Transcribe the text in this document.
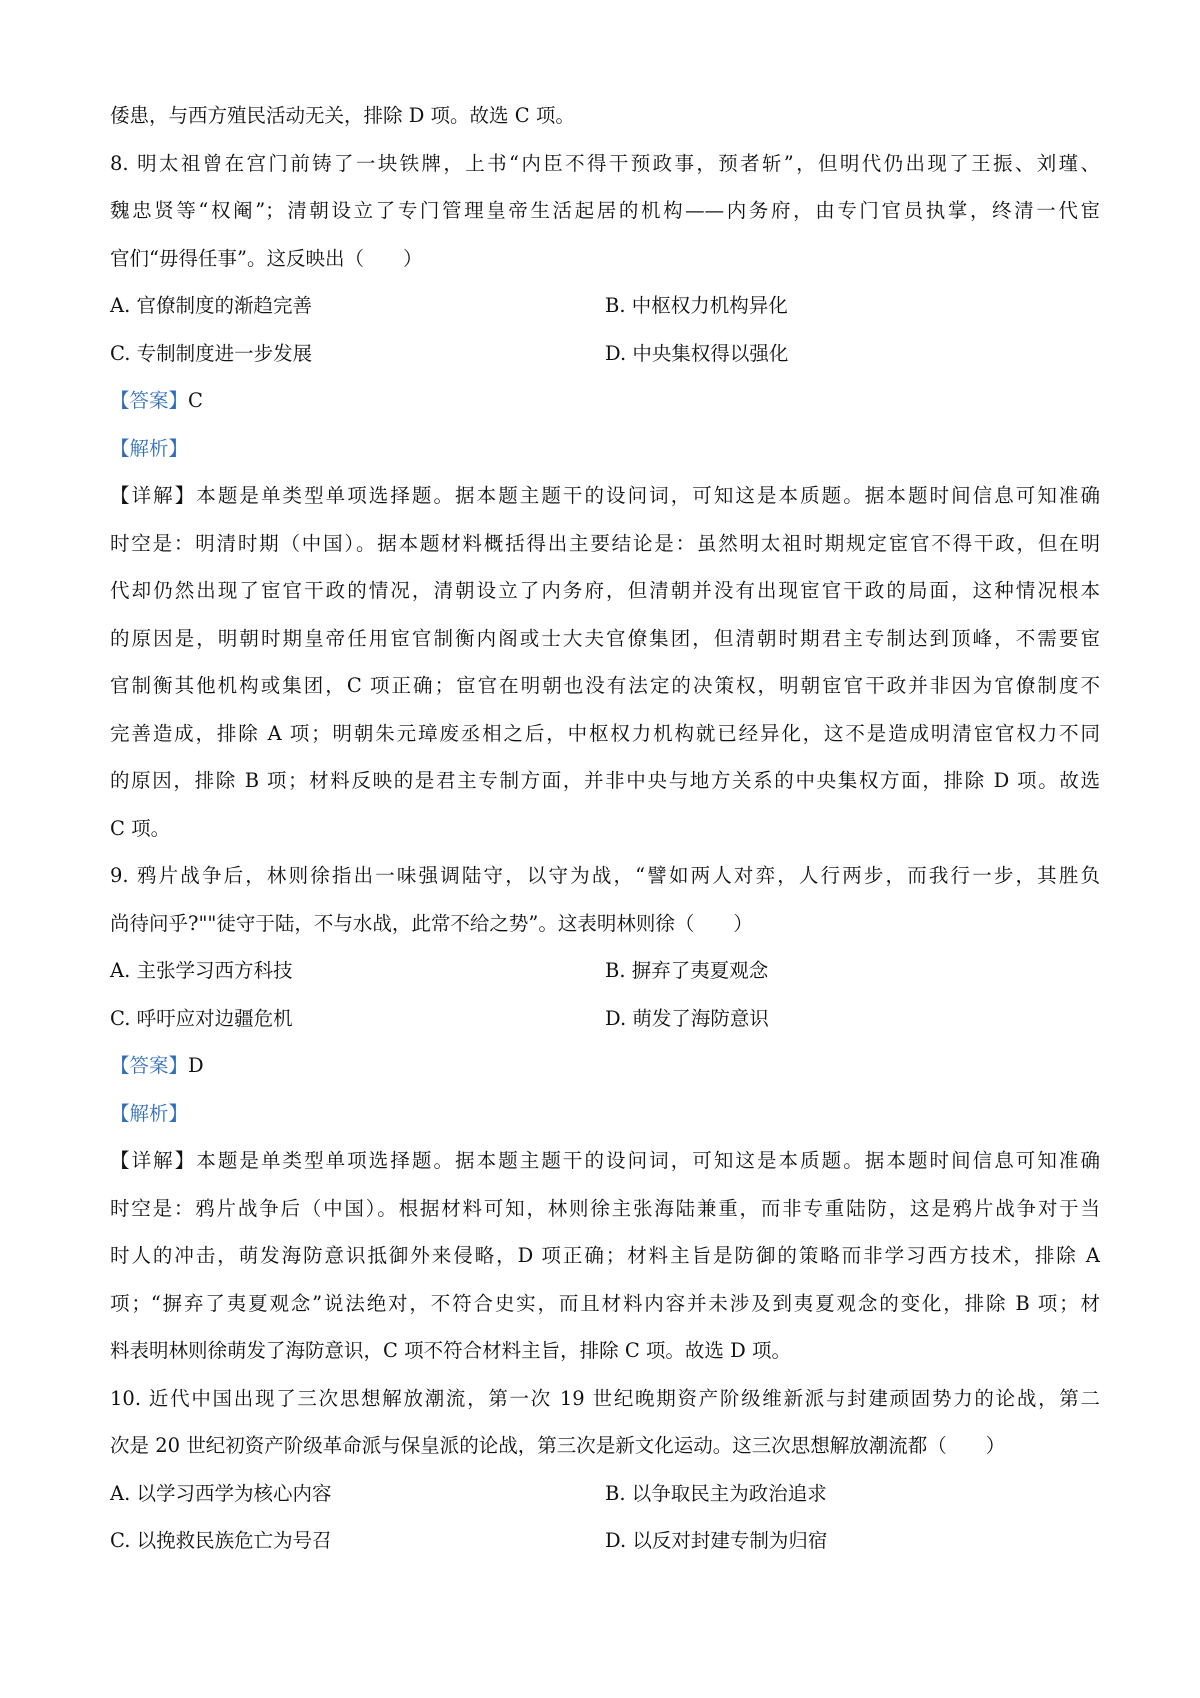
倭患，与西方殖民活动无关，排除 D 项。故选 C 项。
8. 明太祖曾在宫门前铸了一块铁牌，上书“内臣不得干预政事，预者斩”，但明代仍出现了王振、刘瑾、
魏忠贤等“权阉”；清朝设立了专门管理皇帝生活起居的机构——内务府，由专门官员执掌，终清一代宦
官们“毋得任事”。这反映出（　　）
A. 官僚制度的渐趋完善	B. 中枢权力机构异化
C. 专制制度进一步发展	D. 中央集权得以强化
【答案】C
【解析】
【详解】本题是单类型单项选择题。据本题主题干的设问词，可知这是本质题。据本题时间信息可知准确
时空是：明清时期（中国）。据本题材料概括得出主要结论是：虽然明太祖时期规定宦官不得干政，但在明
代却仍然出现了宦官干政的情况，清朝设立了内务府，但清朝并没有出现宦官干政的局面，这种情况根本
的原因是，明朝时期皇帝任用宦官制衡内阁或士大夫官僚集团，但清朝时期君主专制达到顶峰，不需要宦
官制衡其他机构或集团，C 项正确；宦官在明朝也没有法定的决策权，明朝宦官干政并非因为官僚制度不
完善造成，排除 A 项；明朝朱元璋废丞相之后，中枢权力机构就已经异化，这不是造成明清宦官权力不同
的原因，排除 B 项；材料反映的是君主专制方面，并非中央与地方关系的中央集权方面，排除 D 项。故选
C 项。
9. 鸦片战争后，林则徐指出一味强调陆守，以守为战，“譬如两人对弈，人行两步，而我行一步，其胜负
尚待问乎?""徒守于陆，不与水战，此常不给之势”。这表明林则徐（　　）
A. 主张学习西方科技	B. 摒弃了夷夏观念
C. 呼吁应对边疆危机	D. 萌发了海防意识
【答案】D
【解析】
【详解】本题是单类型单项选择题。据本题主题干的设问词，可知这是本质题。据本题时间信息可知准确
时空是：鸦片战争后（中国）。根据材料可知，林则徐主张海陆兼重，而非专重陆防，这是鸦片战争对于当
时人的冲击，萌发海防意识抵御外来侵略，D 项正确；材料主旨是防御的策略而非学习西方技术，排除 A
项；“摒弃了夷夏观念”说法绝对，不符合史实，而且材料内容并未涉及到夷夏观念的变化，排除 B 项；材
料表明林则徐萌发了海防意识，C 项不符合材料主旨，排除 C 项。故选 D 项。
10. 近代中国出现了三次思想解放潮流，第一次 19 世纪晚期资产阶级维新派与封建顽固势力的论战，第二
次是 20 世纪初资产阶级革命派与保皇派的论战，第三次是新文化运动。这三次思想解放潮流都（　　）
A. 以学习西学为核心内容	B. 以争取民主为政治追求
C. 以挽救民族危亡为号召	D. 以反对封建专制为归宿
